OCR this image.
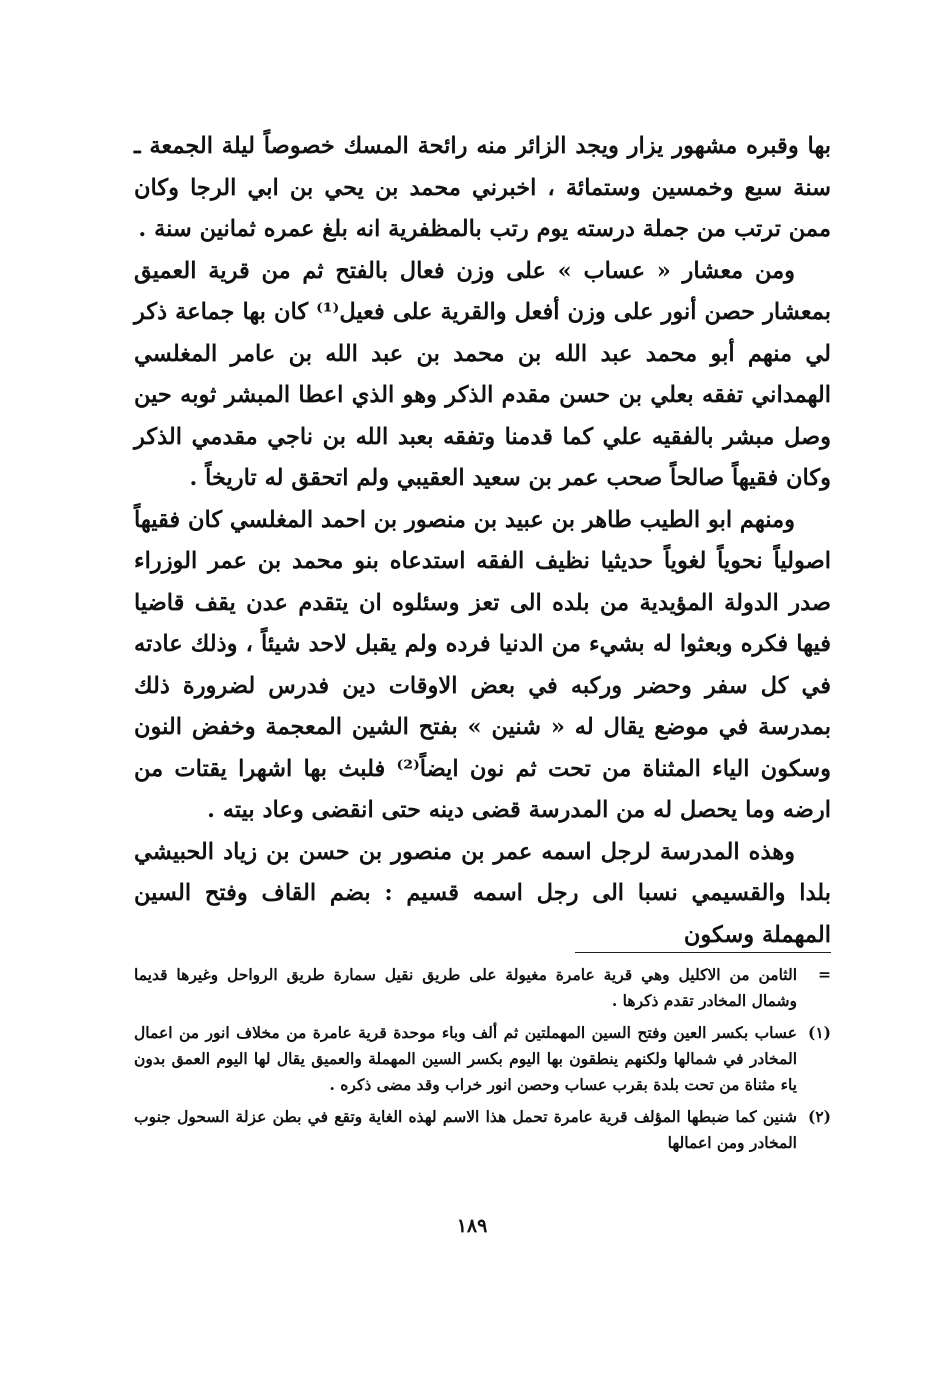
بها وقبره مشهور يزار ويجد الزائر منه رائحة المسك خصوصاً ليلة الجمعة ـ سنة سبع وخمسين وستمائة ، اخبرني محمد بن يحي بن ابي الرجا وكان ممن ترتب من جملة درسته يوم رتب بالمظفرية انه بلغ عمره ثمانين سنة .

ومن معشار « عساب » على وزن فعال بالفتح ثم من قرية العميق بمعشار حصن أنور على وزن أفعل والقرية على فعيل⁽¹⁾ كان بها جماعة ذكر لي منهم أبو محمد عبد الله بن محمد بن عبد الله بن عامر المغلسي الهمداني تفقه بعلي بن حسن مقدم الذكر وهو الذي اعطا المبشر ثوبه حين وصل مبشر بالفقيه علي كما قدمنا وتفقه بعبد الله بن ناجي مقدمي الذكر وكان فقيهاً صالحاً صحب عمر بن سعيد العقيبي ولم اتحقق له تاريخاً .

ومنهم ابو الطيب طاهر بن عبيد بن منصور بن احمد المغلسي كان فقيهاً اصولياً نحوياً لغوياً حديثيا نظيف الفقه استدعاه بنو محمد بن عمر الوزراء صدر الدولة المؤيدية من بلده الى تعز وسئلوه ان يتقدم عدن يقف قاضيا فيها فكره وبعثوا له بشيء من الدنيا فرده ولم يقبل لاحد شيئاً ، وذلك عادته في كل سفر وحضر وركبه في بعض الاوقات دين فدرس لضرورة ذلك بمدرسة في موضع يقال له « شنين » بفتح الشين المعجمة وخفض النون وسكون الياء المثناة من تحت ثم نون ايضاً⁽²⁾ فلبث بها اشهرا يقتات من ارضه وما يحصل له من المدرسة قضى دينه حتى انقضى وعاد بيته .

وهذه المدرسة لرجل اسمه عمر بن منصور بن حسن بن زياد الحبيشي بلدا والقسيمي نسبا الى رجل اسمه قسيم : بضم القاف وفتح السين المهملة وسكون

=
الثامن من الاكليل وهي قرية عامرة مغيولة على طريق نقيل سمارة طريق الرواحل وغيرها قديما وشمال المخادر تقدم ذكرها .
(١)
عساب بكسر العين وفتح السين المهملتين ثم ألف وباء موحدة قرية عامرة من مخلاف انور من اعمال المخادر في شمالها ولكنهم ينطقون بها اليوم بكسر السين المهملة والعميق يقال لها اليوم العمق بدون ياء مثناة من تحت بلدة بقرب عساب وحصن انور خراب وقد مضى ذكره .
(٢)
شنين كما ضبطها المؤلف قرية عامرة تحمل هذا الاسم لهذه الغاية وتقع في بطن عزلة السحول جنوب المخادر ومن اعمالها
١٨٩
